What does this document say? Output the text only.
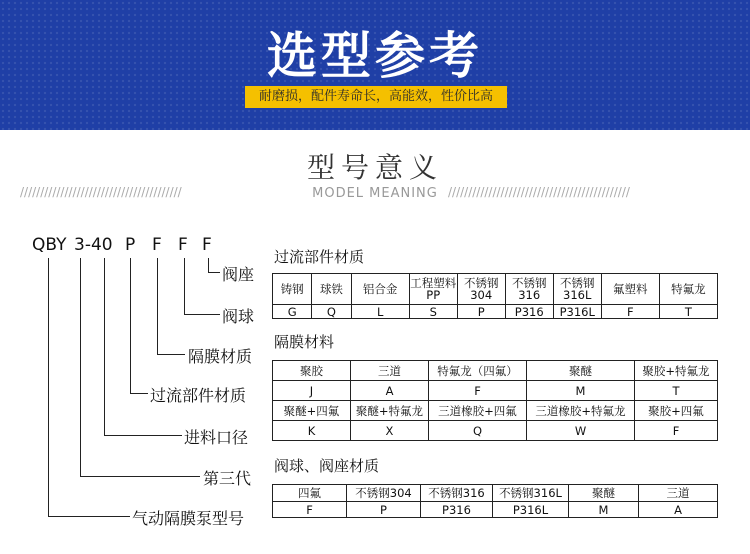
选型参考
耐磨损，配件寿命长，高能效，性价比高
型号意义
////////////////////////////////////////	MODEL MEANING /////////////////////////////////////////////
QBY 3-40 P F F F
阀座
阀球
隔膜材质
过流部件材质
进料口径
第三代
气动隔膜泵型号
过流部件材质
铸钢	球铁	铝合金	工程塑料PP	不锈钢304	不锈钢316	不锈钢316L	氟塑料	特氟龙
G	Q	L	S	P	P316	P316L	F	T
隔膜材料
聚胶	三道	特氟龙（四氟）	聚醚	聚胶+特氟龙
J	A	F	M	T
聚醚+四氟	聚醚+特氟龙	三道橡胶+四氟	三道橡胶+特氟龙	聚胶+四氟
K	X	Q	W	F
阀球、阀座材质
四氟	不锈钢304	不锈钢316	不锈钢316L	聚醚	三道
F	P	P316	P316L	M	A
